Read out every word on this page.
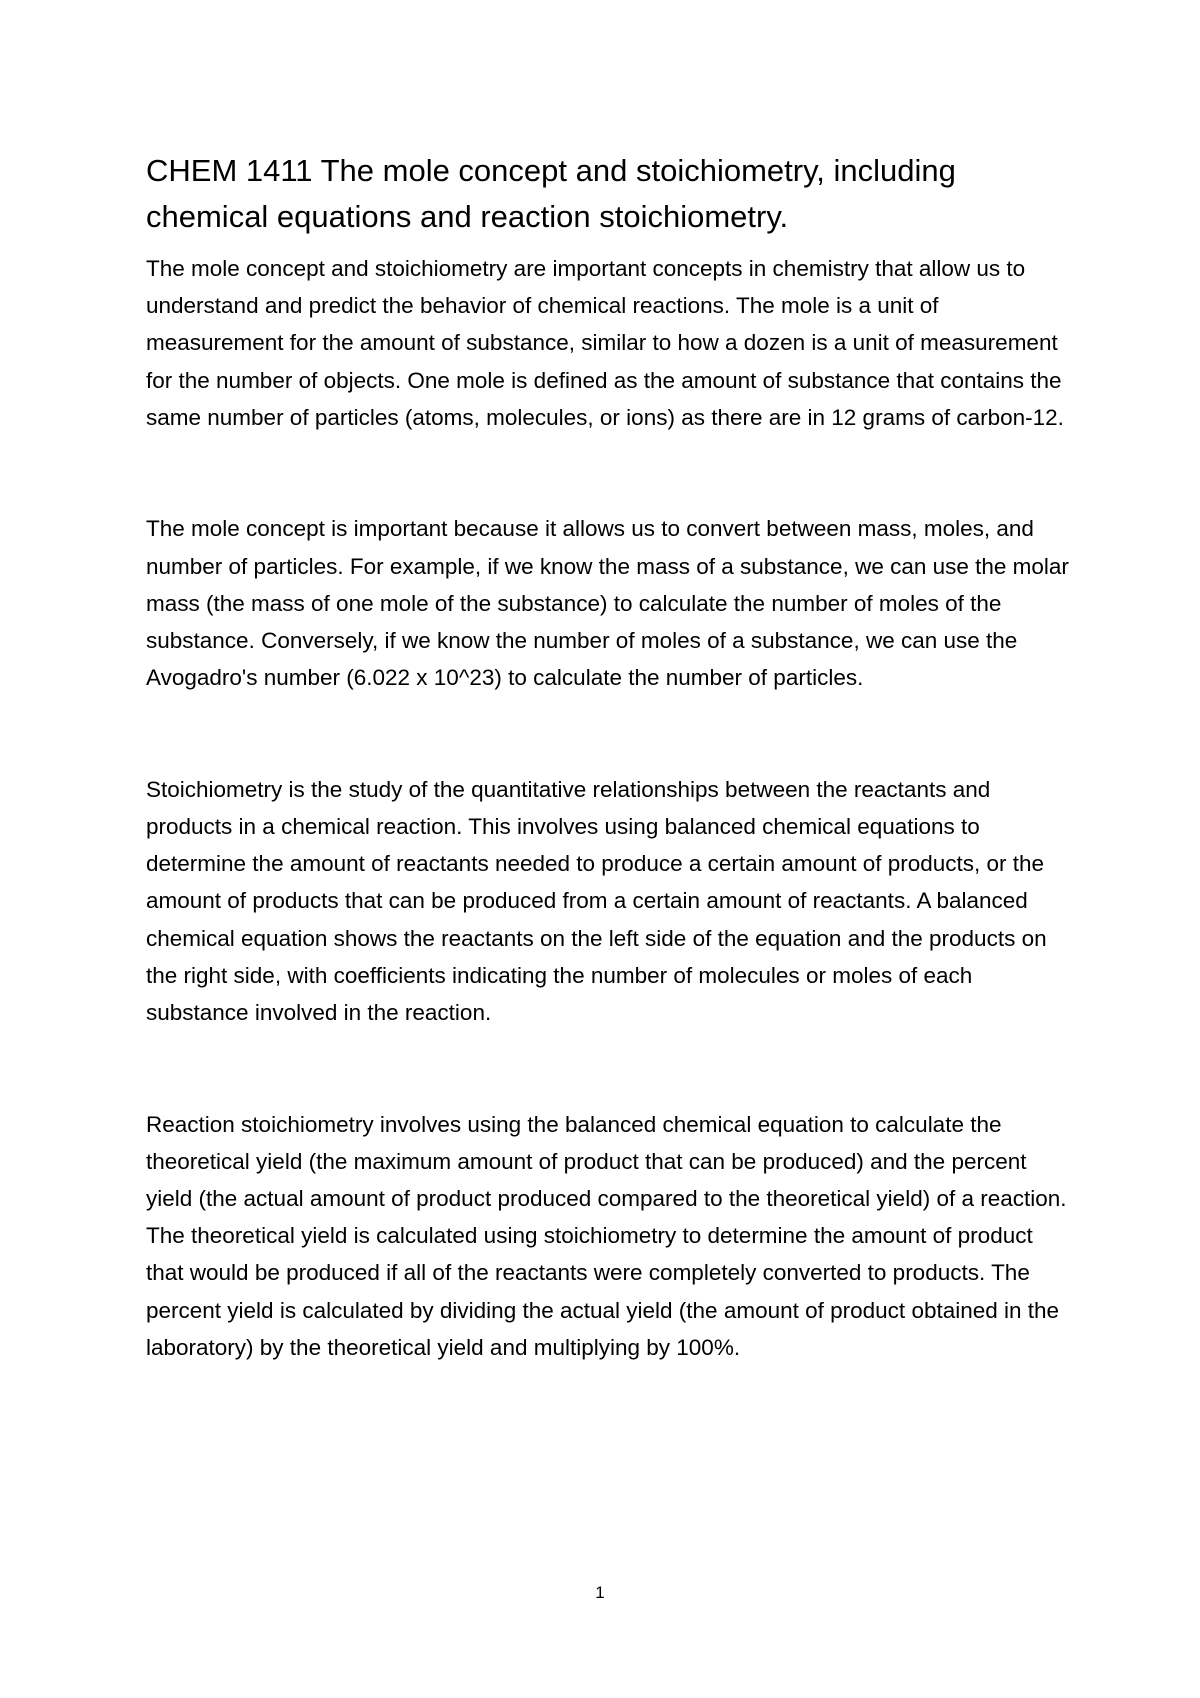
CHEM 1411 The mole concept and stoichiometry, including chemical equations and reaction stoichiometry.

The mole concept and stoichiometry are important concepts in chemistry that allow us to understand and predict the behavior of chemical reactions. The mole is a unit of measurement for the amount of substance, similar to how a dozen is a unit of measurement for the number of objects. One mole is defined as the amount of substance that contains the same number of particles (atoms, molecules, or ions) as there are in 12 grams of carbon-12.

The mole concept is important because it allows us to convert between mass, moles, and number of particles. For example, if we know the mass of a substance, we can use the molar mass (the mass of one mole of the substance) to calculate the number of moles of the substance. Conversely, if we know the number of moles of a substance, we can use the Avogadro's number (6.022 x 10^23) to calculate the number of particles.

Stoichiometry is the study of the quantitative relationships between the reactants and products in a chemical reaction. This involves using balanced chemical equations to determine the amount of reactants needed to produce a certain amount of products, or the amount of products that can be produced from a certain amount of reactants. A balanced chemical equation shows the reactants on the left side of the equation and the products on the right side, with coefficients indicating the number of molecules or moles of each substance involved in the reaction.

Reaction stoichiometry involves using the balanced chemical equation to calculate the theoretical yield (the maximum amount of product that can be produced) and the percent yield (the actual amount of product produced compared to the theoretical yield) of a reaction. The theoretical yield is calculated using stoichiometry to determine the amount of product that would be produced if all of the reactants were completely converted to products. The percent yield is calculated by dividing the actual yield (the amount of product obtained in the laboratory) by the theoretical yield and multiplying by 100%.

1
